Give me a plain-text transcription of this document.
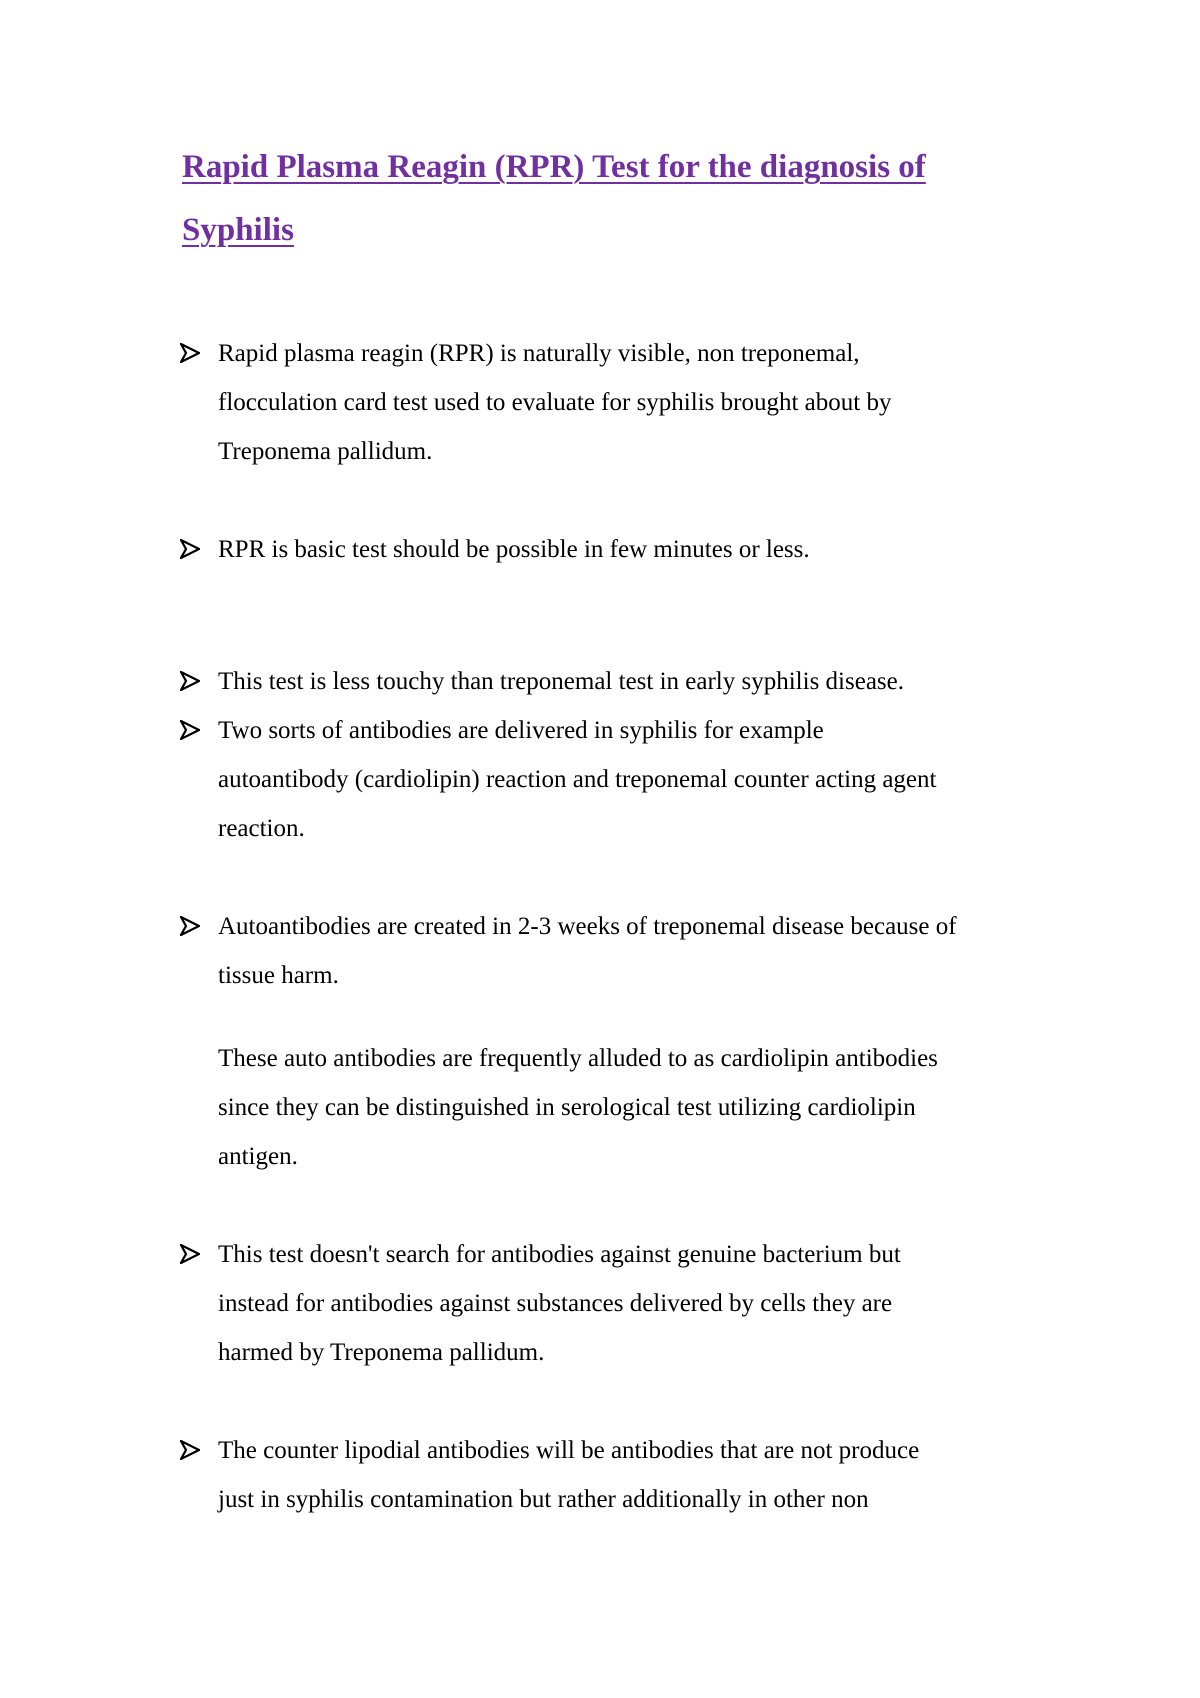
Rapid Plasma Reagin (RPR) Test for the diagnosis of
Syphilis
Rapid plasma reagin (RPR) is naturally visible, non treponemal,
flocculation card test used to evaluate for syphilis brought about by
Treponema pallidum.
RPR is basic test should be possible in few minutes or less.
This test is less touchy than treponemal test in early syphilis disease.
Two sorts of antibodies are delivered in syphilis for example
autoantibody (cardiolipin) reaction and treponemal counter acting agent
reaction.
Autoantibodies are created in 2-3 weeks of treponemal disease because of
tissue harm.
These auto antibodies are frequently alluded to as cardiolipin antibodies
since they can be distinguished in serological test utilizing cardiolipin
antigen.
This test doesn't search for antibodies against genuine bacterium but
instead for antibodies against substances delivered by cells they are
harmed by Treponema pallidum.
The counter lipodial antibodies will be antibodies that are not produce
just in syphilis contamination but rather additionally in other non
